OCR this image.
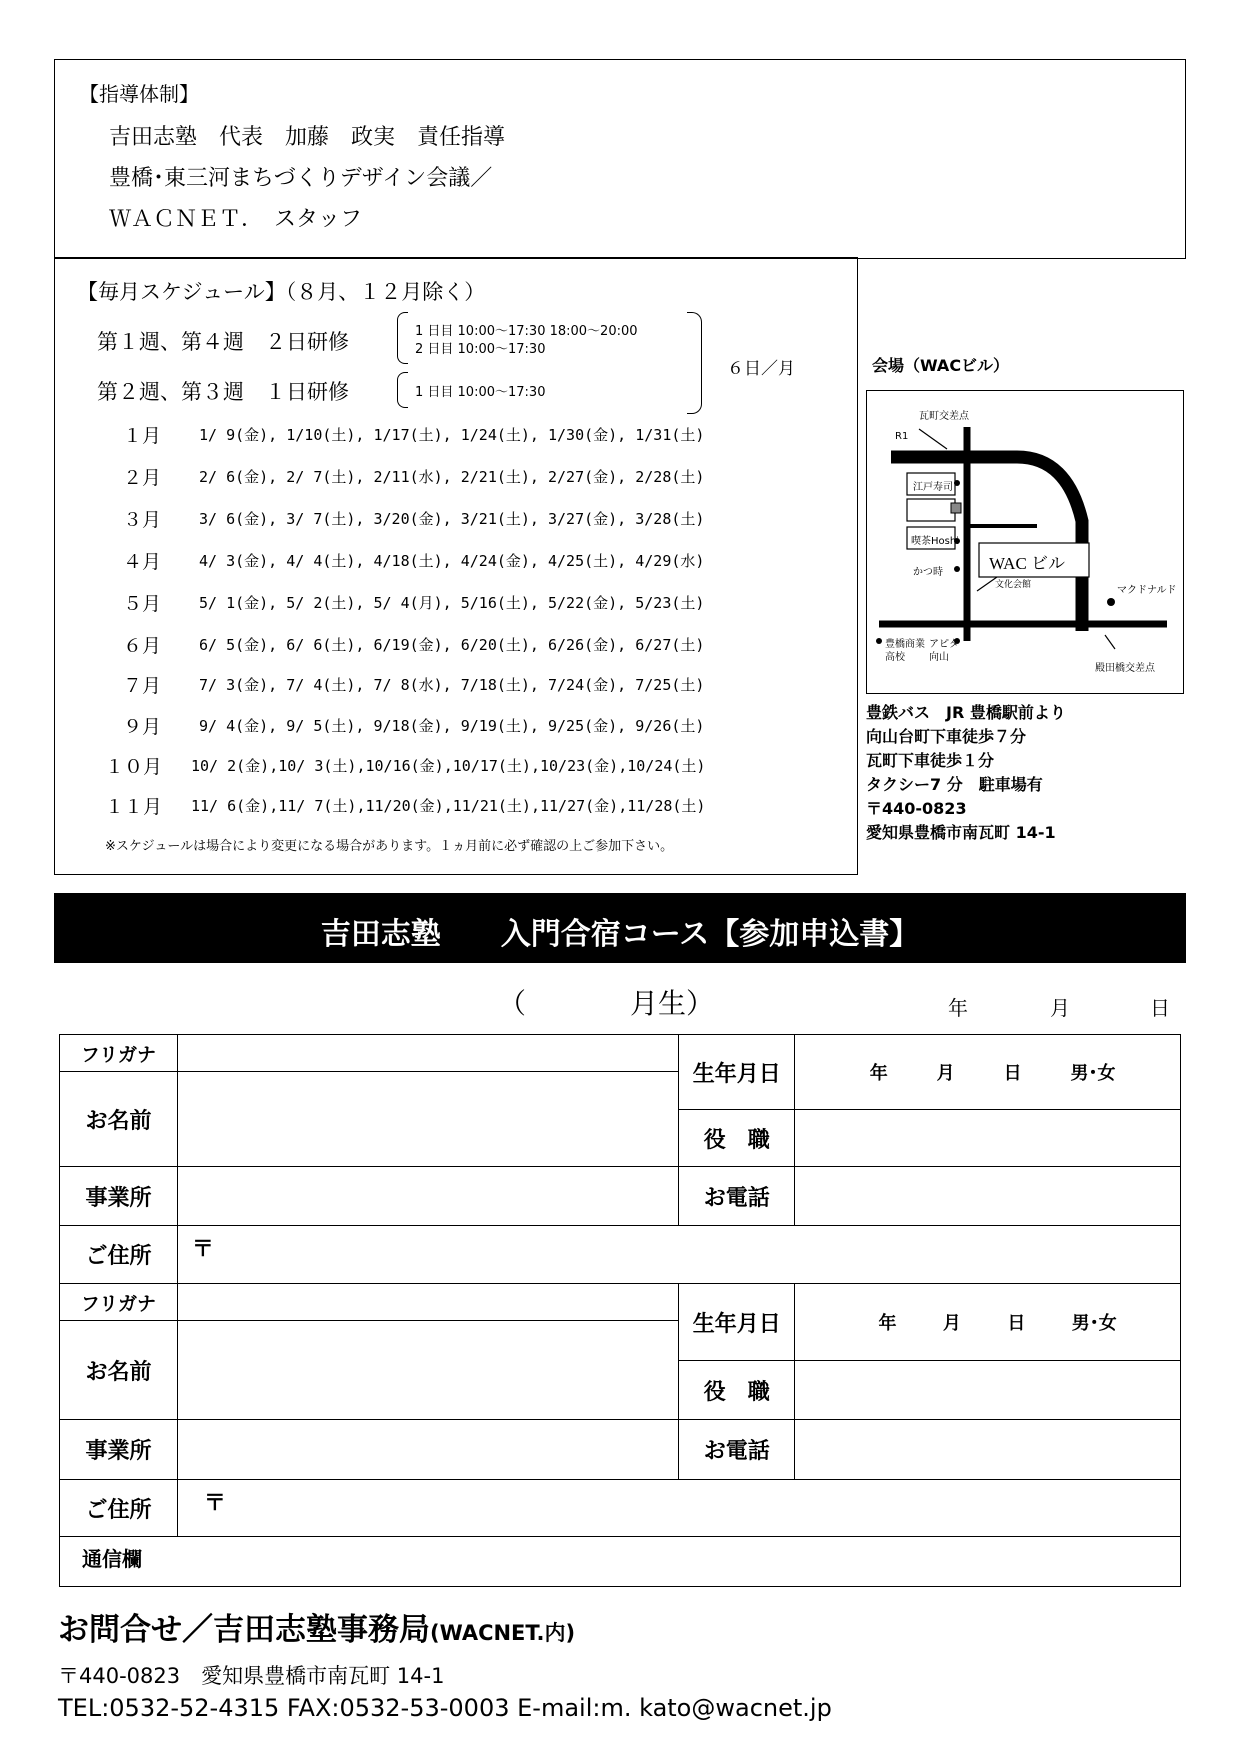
【指導体制】
吉田志塾　代表　加藤　政実　責任指導
豊橋･東三河まちづくりデザイン会議／
ＷＡＣＮＥＴ．　スタッフ
【毎月スケジュール】（８月、１２月除く）
第１週、第４週　２日研修	1 日目 10:00～17:30 18:00～20:00
2 日目 10:00～17:30
６日／月
第２週、第３週　１日研修	1 日目 10:00～17:30
１月	1/ 9(金), 1/10(土), 1/17(土), 1/24(土), 1/30(金), 1/31(土)
２月	2/ 6(金), 2/ 7(土), 2/11(水), 2/21(土), 2/27(金), 2/28(土)
３月	3/ 6(金), 3/ 7(土), 3/20(金), 3/21(土), 3/27(金), 3/28(土)
４月	4/ 3(金), 4/ 4(土), 4/18(土), 4/24(金), 4/25(土), 4/29(水)
５月	5/ 1(金), 5/ 2(土), 5/ 4(月), 5/16(土), 5/22(金), 5/23(土)
６月	6/ 5(金), 6/ 6(土), 6/19(金), 6/20(土), 6/26(金), 6/27(土)
７月	7/ 3(金), 7/ 4(土), 7/ 8(水), 7/18(土), 7/24(金), 7/25(土)
９月	9/ 4(金), 9/ 5(土), 9/18(金), 9/19(土), 9/25(金), 9/26(土)
１０月 10/ 2(金),10/ 3(土),10/16(金),10/17(土),10/23(金),10/24(土)
１１月 11/ 6(金),11/ 7(土),11/20(金),11/21(土),11/27(金),11/28(土)
※スケジュールは場合により変更になる場合があります。１ヵ月前に必ず確認の上ご参加下さい。
会場（WACビル）
瓦町交差点
R1
江戸寿司
喫茶Hoshi
かつ時	WAC ビル
文化会館	マクドナルド
豊橋商業
高校
アピタ
向山
殿田橋交差点
豊鉄バス　JR 豊橋駅前より
向山台町下車徒歩７分
瓦町下車徒歩１分
タクシー7 分　駐車場有
〒440-0823
愛知県豊橋市南瓦町 14-1
吉田志塾　　入門合宿コース【参加申込書】
（	月生）	年	月	日
フリガナ		生年月日	年 月 日 男･女

お名前			
		役　職	
事業所		お電話	
ご住所	〒		
フリガナ		生年月日	年 月 日 男･女

お名前			
		役　職	
事業所		お電話	
ご住所	〒		
通信欄			
お問合せ／吉田志塾事務局(WACNET.内)
〒440-0823　愛知県豊橋市南瓦町 14-1
TEL:0532-52-4315 FAX:0532-53-0003 E-mail:m. kato@wacnet.jp
